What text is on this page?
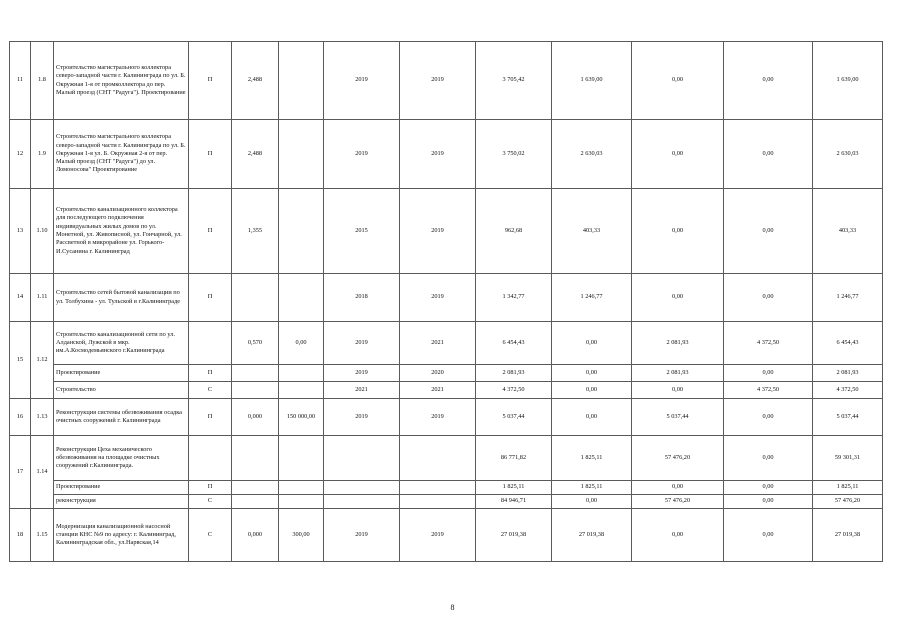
11	1.8	Строительство магистрального коллектора северо-западной части г. Калининграда по ул. Б. Окружная 1-я от промколлектора до пер. Малый проезд (СНТ "Радуга"). Проектирование	П	2,488		2019	2019	3 705,42	1 639,00	0,00	0,00	1 639,00
12	1.9	Строительство магистрального коллектора северо-западной части г. Калининграда по ул. Б. Окружная 1-я ул. Б. Окружная 2-я от пер. Малый проезд (СНТ "Радуга") до ул. Ломоносова" Проектирование	П	2,488		2019	2019	3 750,02	2 630,03	0,00	0,00	2 630,03
13	1.10	Строительство канализационного коллектора для последующего подключения индивидуальных жилых домов по ул. Монетной, ул. Живописной, ул. Гончарной, ул. Рассветной в микрорайоне ул. Горького- И.Сусанина г. Калининград	П	1,355		2015	2019	962,68	403,33	0,00	0,00	403,33
14	1.11	Строительство сетей бытовой канализации по ул. Толбухина - ул. Тульской в г.Калининграде	П			2018	2019	1 342,77	1 246,77	0,00	0,00	1 246,77
15	1.12	Строительство канализационной сети по ул. Алданской, Лужской в мкр. им.А.Космодемьянского г.Калининграда		0,570	0,00	2019	2021	6 454,43	0,00	2 081,93	4 372,50	6 454,43
		Проектирование	П			2019	2020	2 081,93	0,00	2 081,93	0,00	2 081,93
		Строительство	С			2021	2021	4 372,50	0,00	0,00	4 372,50	4 372,50
16	1.13	Реконструкция системы обезвоживания осадка очистных сооружений г. Калининграда	П	0,000	150 000,00	2019	2019	5 037,44	0,00	5 037,44	0,00	5 037,44
17	1.14	Реконструкция Цеха механического обезвоживания на площадке очистных сооружений г.Калининграда.						86 771,82	1 825,11	57 476,20	0,00	59 301,31
		Проектирование	П					1 825,11	1 825,11	0,00	0,00	1 825,11
		реконструкция	С					84 946,71	0,00	57 476,20	0,00	57 476,20
18	1.15	Модернизация канализационной насосной станции КНС №9 по адресу: г. Калининград, Калининградская обл., ул.Нарвская,14	С	0,000	300,00	2019	2019	27 019,38	27 019,38	0,00	0,00	27 019,38
8
